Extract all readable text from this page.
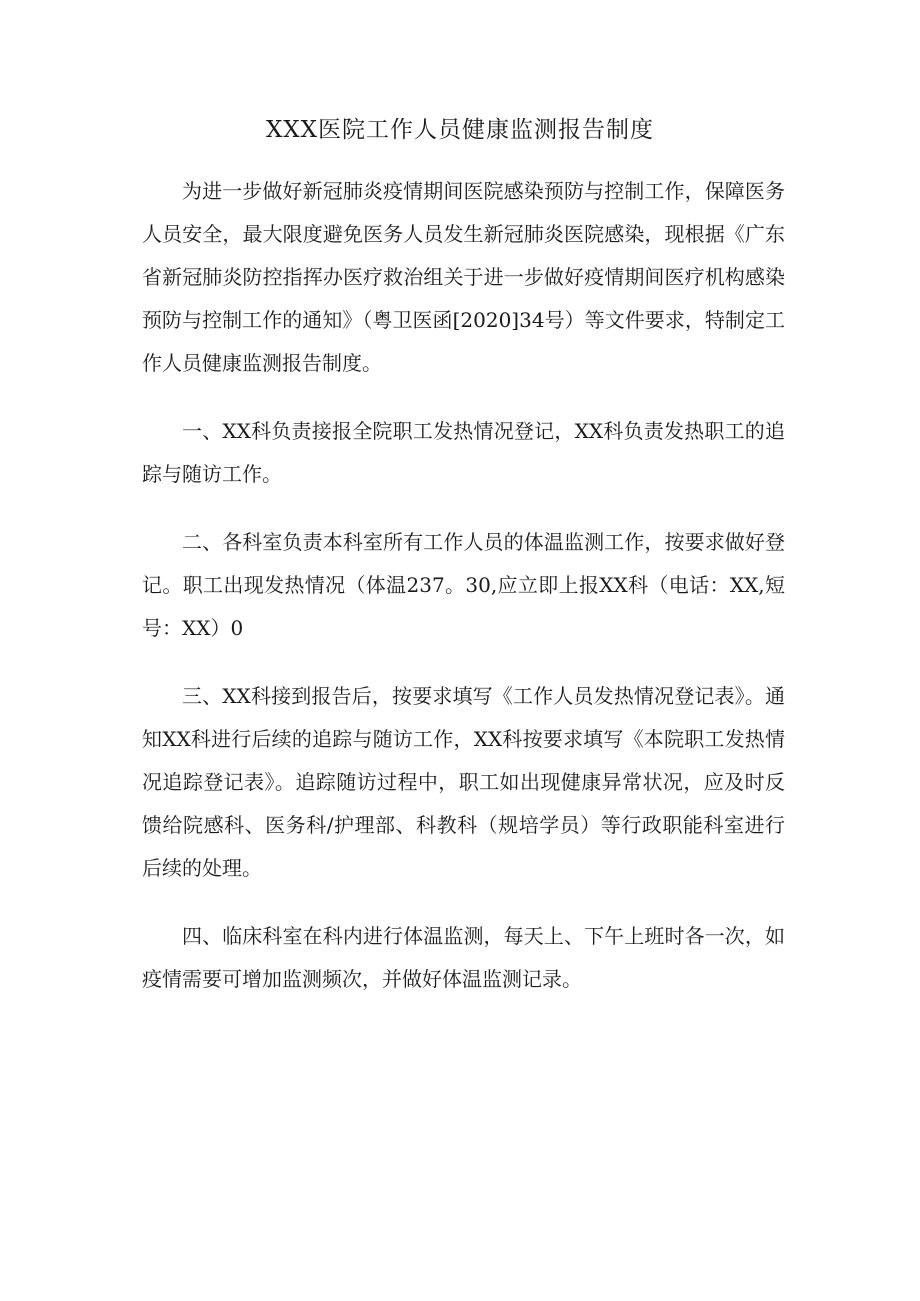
XXX医院工作人员健康监测报告制度

为进一步做好新冠肺炎疫情期间医院感染预防与控制工作，保障医务人员安全，最大限度避免医务人员发生新冠肺炎医院感染，现根据《广东省新冠肺炎防控指挥办医疗救治组关于进一步做好疫情期间医疗机构感染预防与控制工作的通知》（粤卫医函[2020]34号）等文件要求，特制定工作人员健康监测报告制度。

一、XX科负责接报全院职工发热情况登记，XX科负责发热职工的追踪与随访工作。

二、各科室负责本科室所有工作人员的体温监测工作，按要求做好登记。职工出现发热情况（体温237。30,应立即上报XX科（电话：XX,短号：XX）0

三、XX科接到报告后，按要求填写《工作人员发热情况登记表》。通知XX科进行后续的追踪与随访工作，XX科按要求填写《本院职工发热情况追踪登记表》。追踪随访过程中，职工如出现健康异常状况，应及时反馈给院感科、医务科/护理部、科教科（规培学员）等行政职能科室进行后续的处理。

四、临床科室在科内进行体温监测，每天上、下午上班时各一次，如疫情需要可增加监测频次，并做好体温监测记录。
